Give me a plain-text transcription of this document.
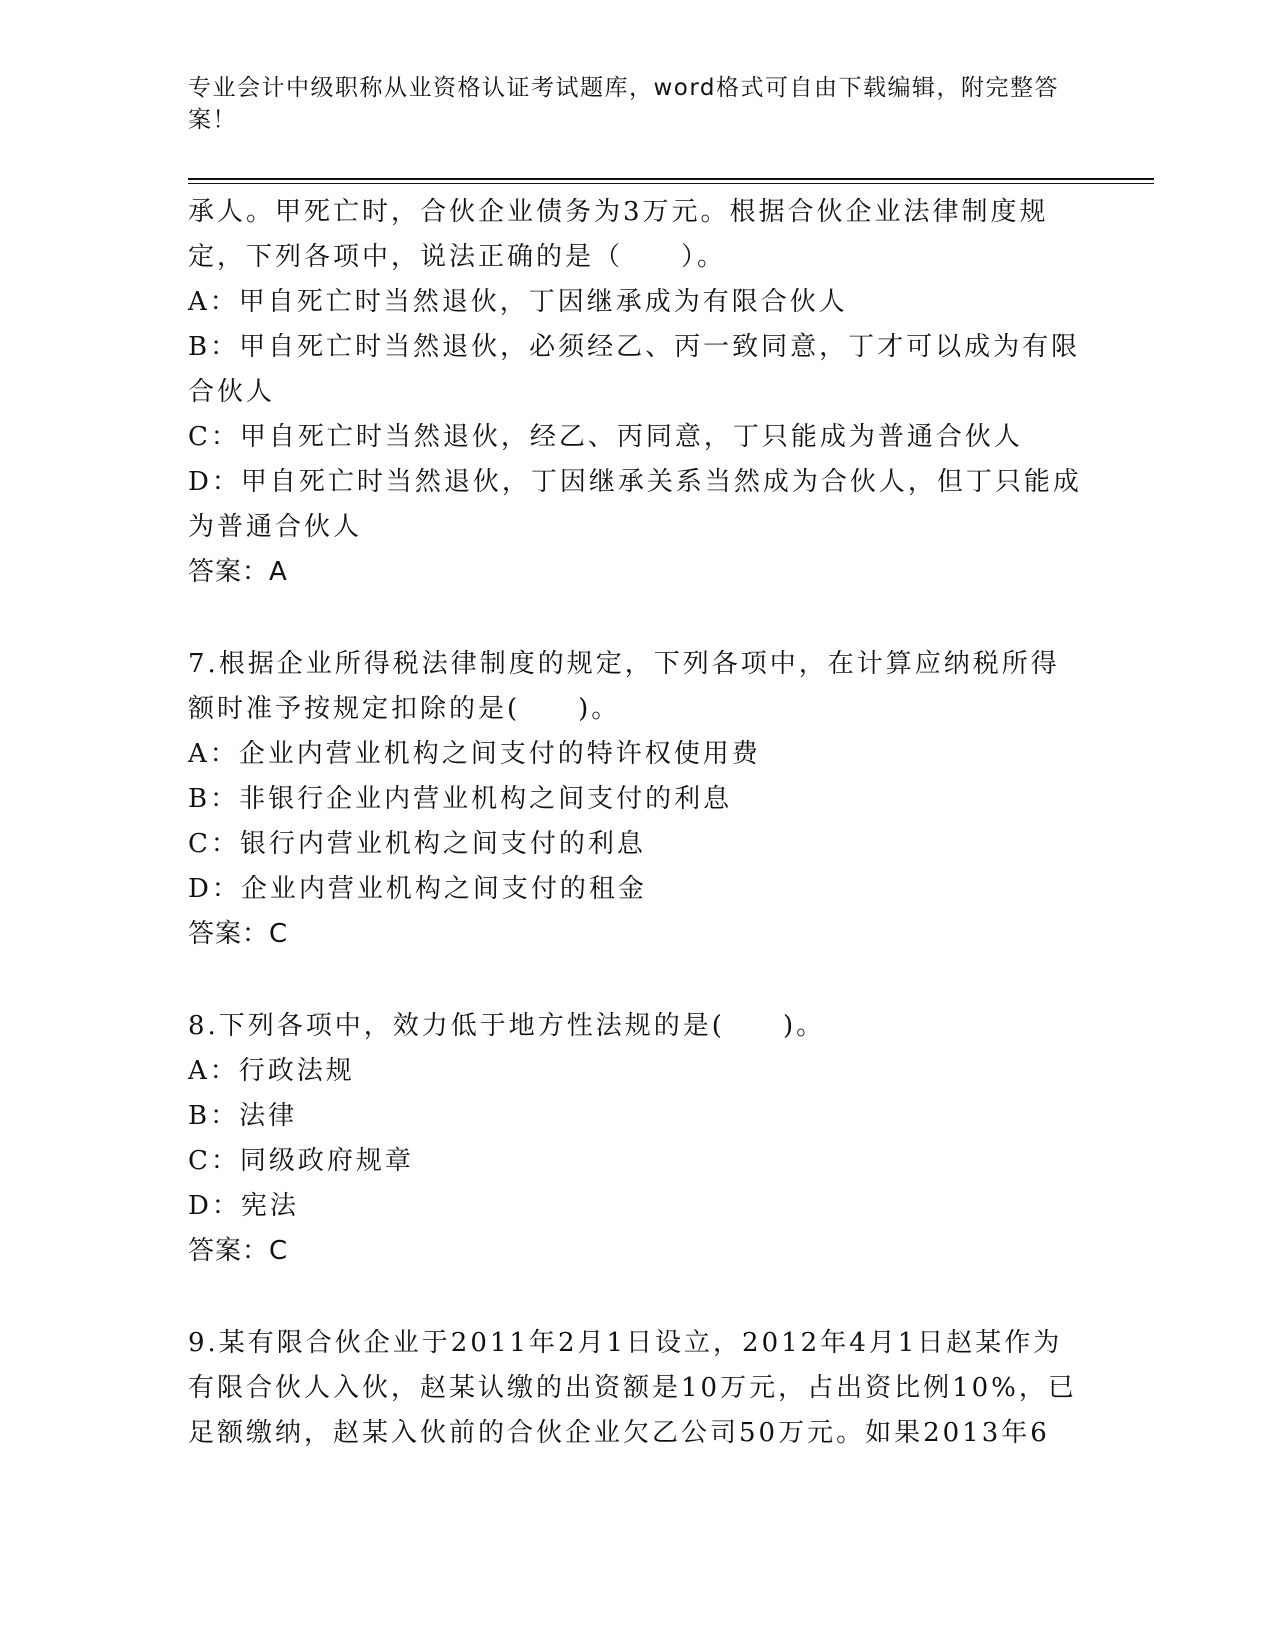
专业会计中级职称从业资格认证考试题库，word格式可自由下载编辑，附完整答案！
承人。甲死亡时，合伙企业债务为3万元。根据合伙企业法律制度规
定，下列各项中，说法正确的是（　　）。
A：甲自死亡时当然退伙，丁因继承成为有限合伙人
B：甲自死亡时当然退伙，必须经乙、丙一致同意，丁才可以成为有限
合伙人
C：甲自死亡时当然退伙，经乙、丙同意，丁只能成为普通合伙人
D：甲自死亡时当然退伙，丁因继承关系当然成为合伙人，但丁只能成
为普通合伙人
答案：A
7.根据企业所得税法律制度的规定，下列各项中，在计算应纳税所得
额时准予按规定扣除的是(　　)。
A：企业内营业机构之间支付的特许权使用费
B：非银行企业内营业机构之间支付的利息
C：银行内营业机构之间支付的利息
D：企业内营业机构之间支付的租金
答案：C
8.下列各项中，效力低于地方性法规的是(　　)。
A：行政法规
B：法律
C：同级政府规章
D：宪法
答案：C
9.某有限合伙企业于2011年2月1日设立，2012年4月1日赵某作为
有限合伙人入伙，赵某认缴的出资额是10万元，占出资比例10%，已
足额缴纳，赵某入伙前的合伙企业欠乙公司50万元。如果2013年6
